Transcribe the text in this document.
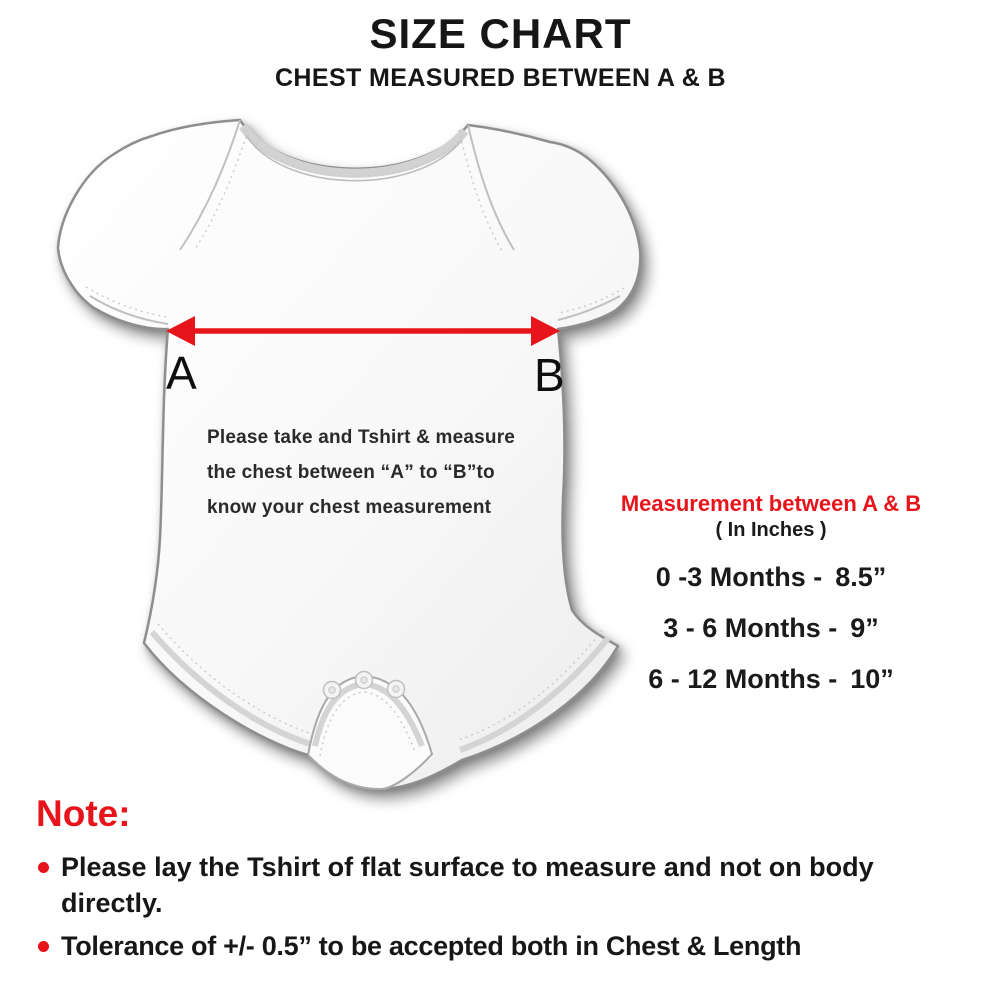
SIZE CHART
CHEST MEASURED BETWEEN A & B
A	B
Please take and Tshirt & measure
the chest between “A” to “B”to
know your chest measurement	Measurement between A & B
( In Inches )
0 -3 Months - 8.5”
3 - 6 Months - 9”
6 - 12 Months - 10”
Note:
Please lay the Tshirt of flat surface to measure and not on body directly.
Tolerance of +/- 0.5” to be accepted both in Chest & Length
